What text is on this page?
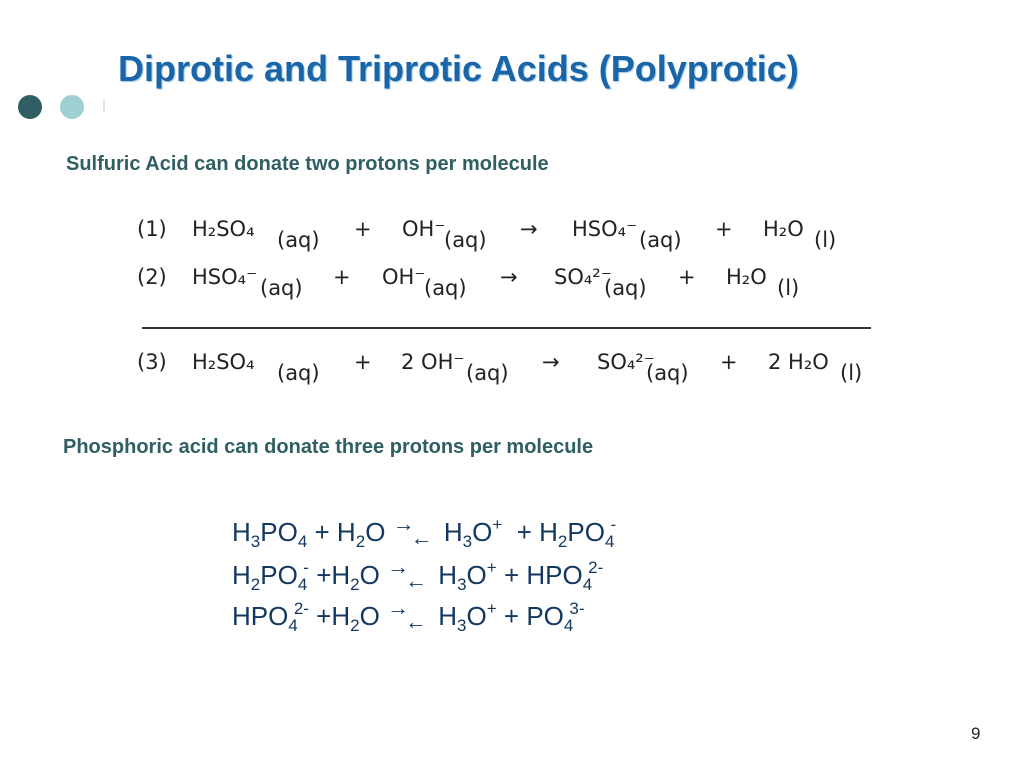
Diprotic and Triprotic Acids (Polyprotic)
Sulfuric Acid can donate two protons per molecule
(1) H₂SO₄ (aq) + OH⁻
(aq) → HSO₄⁻ (aq) + H₂O (l)
(2) HSO₄⁻ (aq) + OH⁻
(aq) → SO₄²⁻
(aq) + H₂O (l)
(3) H₂SO₄ (aq) + 2 OH⁻ (aq) → SO₄²⁻
(aq) + 2 H₂O (l)
Phosphoric acid can donate three protons per molecule
$H_3PO_4 + H_2O$ →← $H_3O^+ + H_2PO_4^-$
$H_2PO_4^- +H_2O$ →← $H_3O^+ + HPO_4^{2-}$
$HPO_4^{2-} +H_2O$ →← $H_3O^+ + PO_4^{3-}$
9
